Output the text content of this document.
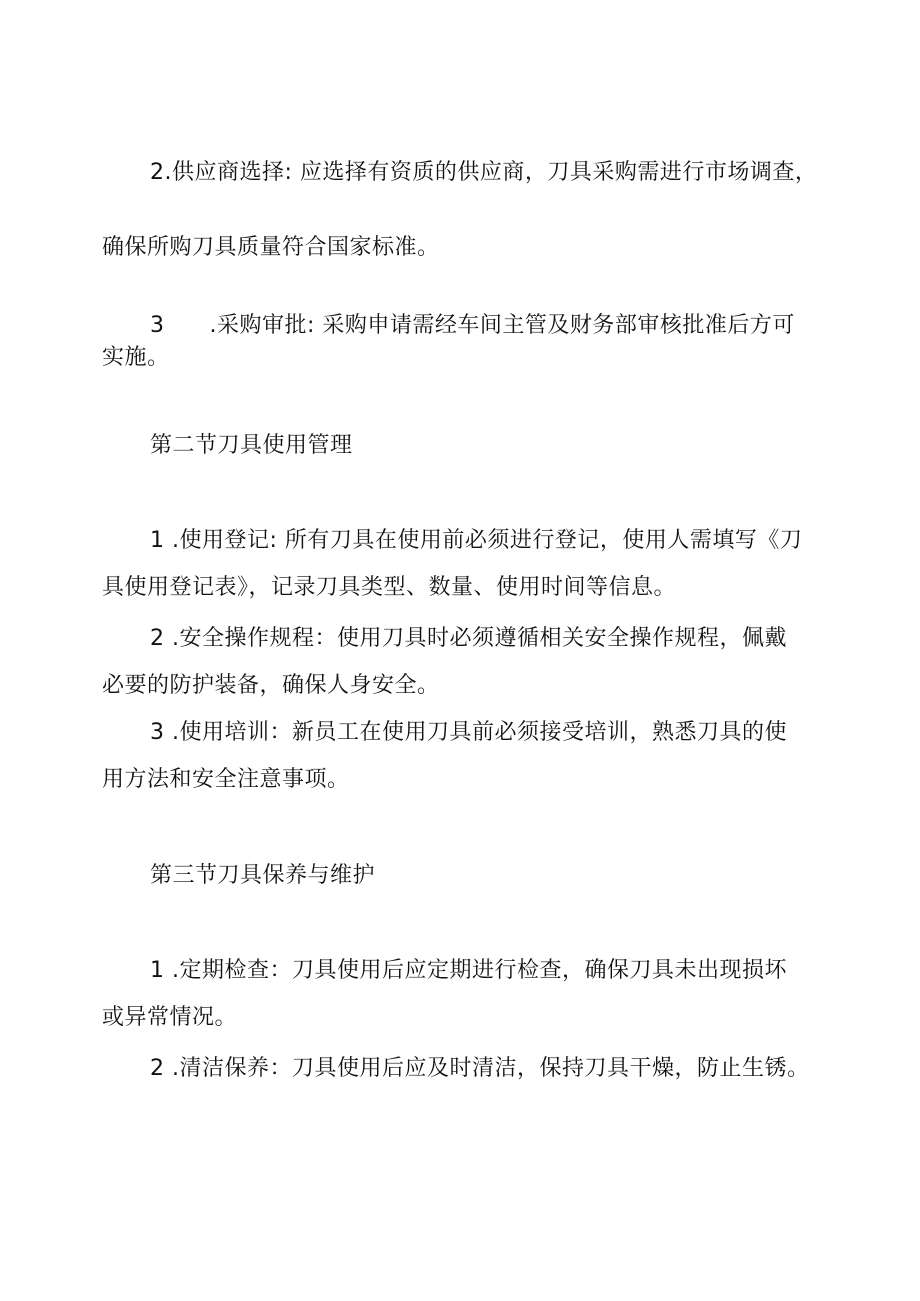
2.供应商选择: 应选择有资质的供应商，刀具采购需进行市场调查，
确保所购刀具质量符合国家标准。
3　　.采购审批: 采购申请需经车间主管及财务部审核批准后方可
实施。
第二节刀具使用管理
1 .使用登记: 所有刀具在使用前必须进行登记，使用人需填写《刀
具使用登记表》，记录刀具类型、数量、使用时间等信息。
2 .安全操作规程：使用刀具时必须遵循相关安全操作规程，佩戴
必要的防护装备，确保人身安全。
3 .使用培训：新员工在使用刀具前必须接受培训，熟悉刀具的使
用方法和安全注意事项。
第三节刀具保养与维护
1 .定期检查：刀具使用后应定期进行检查，确保刀具未出现损坏
或异常情况。
2 .清洁保养：刀具使用后应及时清洁，保持刀具干燥，防止生锈。
